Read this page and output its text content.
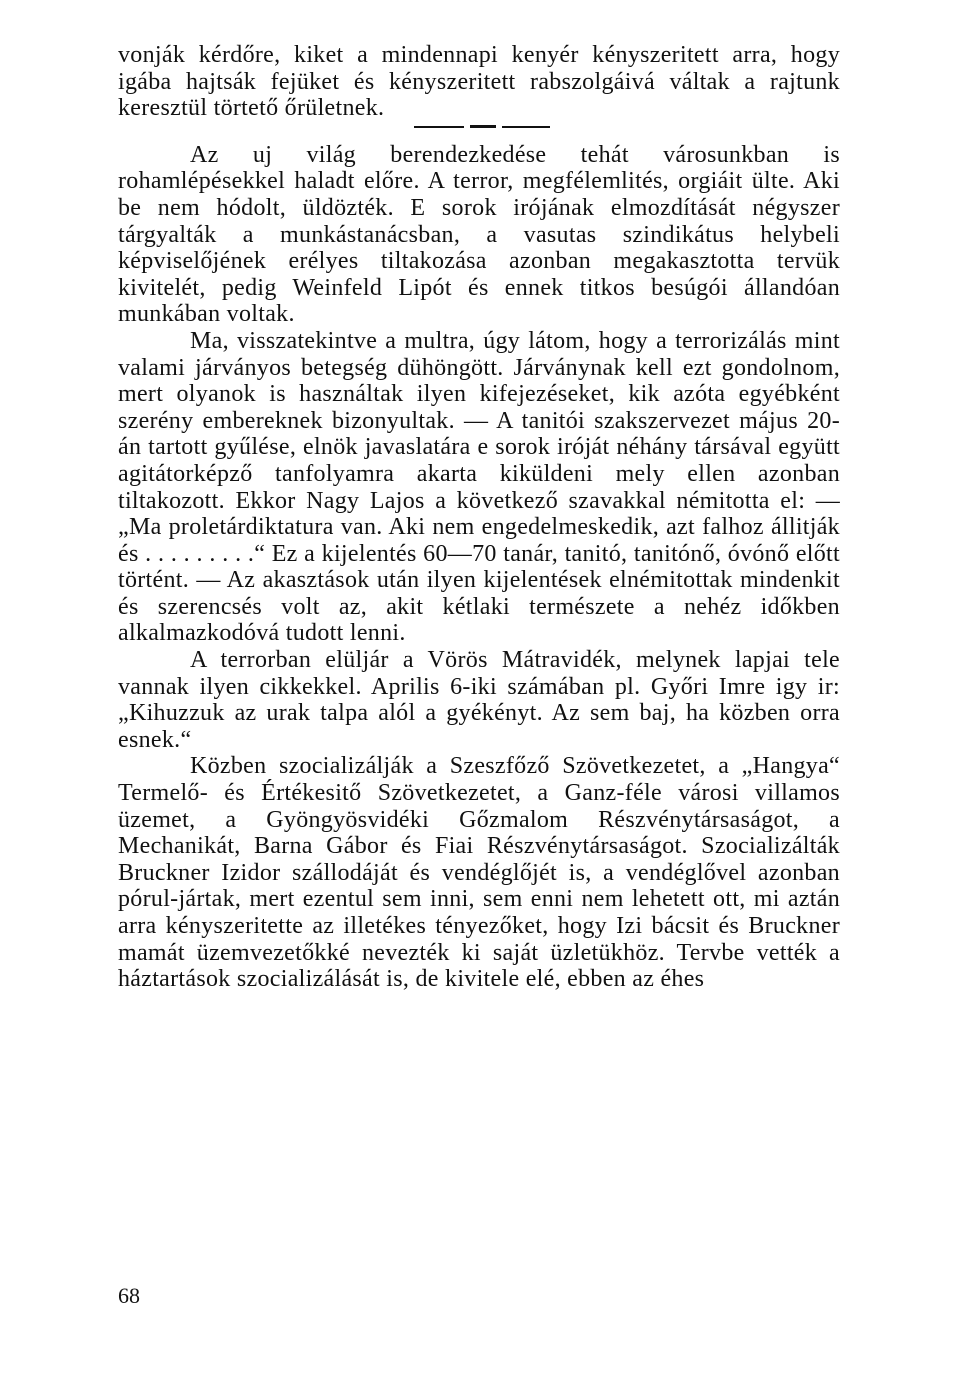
vonják kérdőre, kiket a mindennapi kenyér kényszeritett arra, hogy igába hajtsák fejüket és kényszeritett rabszolgáivá váltak a rajtunk keresztül törtető őrületnek.

Az uj világ berendezkedése tehát városunkban is rohamlépésekkel haladt előre. A terror, megfélemlités, orgiáit ülte. Aki be nem hódolt, üldözték. E sorok irójának elmozdítását négyszer tárgyalták a munkástanácsban, a vasutas szindikátus helybeli képviselőjének erélyes tiltakozása azonban megakasztotta tervük kivitelét, pedig Weinfeld Lipót és ennek titkos besúgói állandóan munkában voltak.

Ma, visszatekintve a multra, úgy látom, hogy a terrorizálás mint valami járványos betegség dühöngött. Járványnak kell ezt gondolnom, mert olyanok is használtak ilyen kifejezéseket, kik azóta egyébként szerény embereknek bizonyultak. — A tanitói szakszervezet május 20-án tartott gyűlése, elnök javaslatára e sorok iróját néhány társával együtt agitátorképző tanfolyamra akarta kiküldeni mely ellen azonban tiltakozott. Ekkor Nagy Lajos a következő szavakkal némitotta el: — „Ma proletárdiktatura van. Aki nem engedelmeskedik, azt falhoz állitják és . . . . . . . . .“ Ez a kijelentés 60—70 tanár, tanitó, tanitónő, óvónő előtt történt. — Az akasztások után ilyen kijelentések elnémitottak mindenkit és szerencsés volt az, akit kétlaki természete a nehéz időkben alkalmazkodóvá tudott lenni.

A terrorban elüljár a Vörös Mátravidék, melynek lapjai tele vannak ilyen cikkekkel. Aprilis 6-iki számában pl. Győri Imre igy ir: „Kihuzzuk az urak talpa alól a gyékényt. Az sem baj, ha közben orra esnek.“

Közben szocializálják a Szeszfőző Szövetkezetet, a „Hangya“ Termelő- és Értékesitő Szövetkezetet, a Ganz-féle városi villamos üzemet, a Gyöngyösvidéki Gőzmalom Részvénytársaságot, a Mechanikát, Barna Gábor és Fiai Részvénytársaságot. Szocializálták Bruckner Izidor szállodáját és vendéglőjét is, a vendéglővel azonban pórul-jártak, mert ezentul sem inni, sem enni nem lehetett ott, mi aztán arra kényszeritette az illetékes tényezőket, hogy Izi bácsit és Bruckner mamát üzemvezetőkké nevezték ki saját üzletükhöz. Tervbe vették a háztartások szocializálását is, de kivitele elé, ebben az éhes

68
